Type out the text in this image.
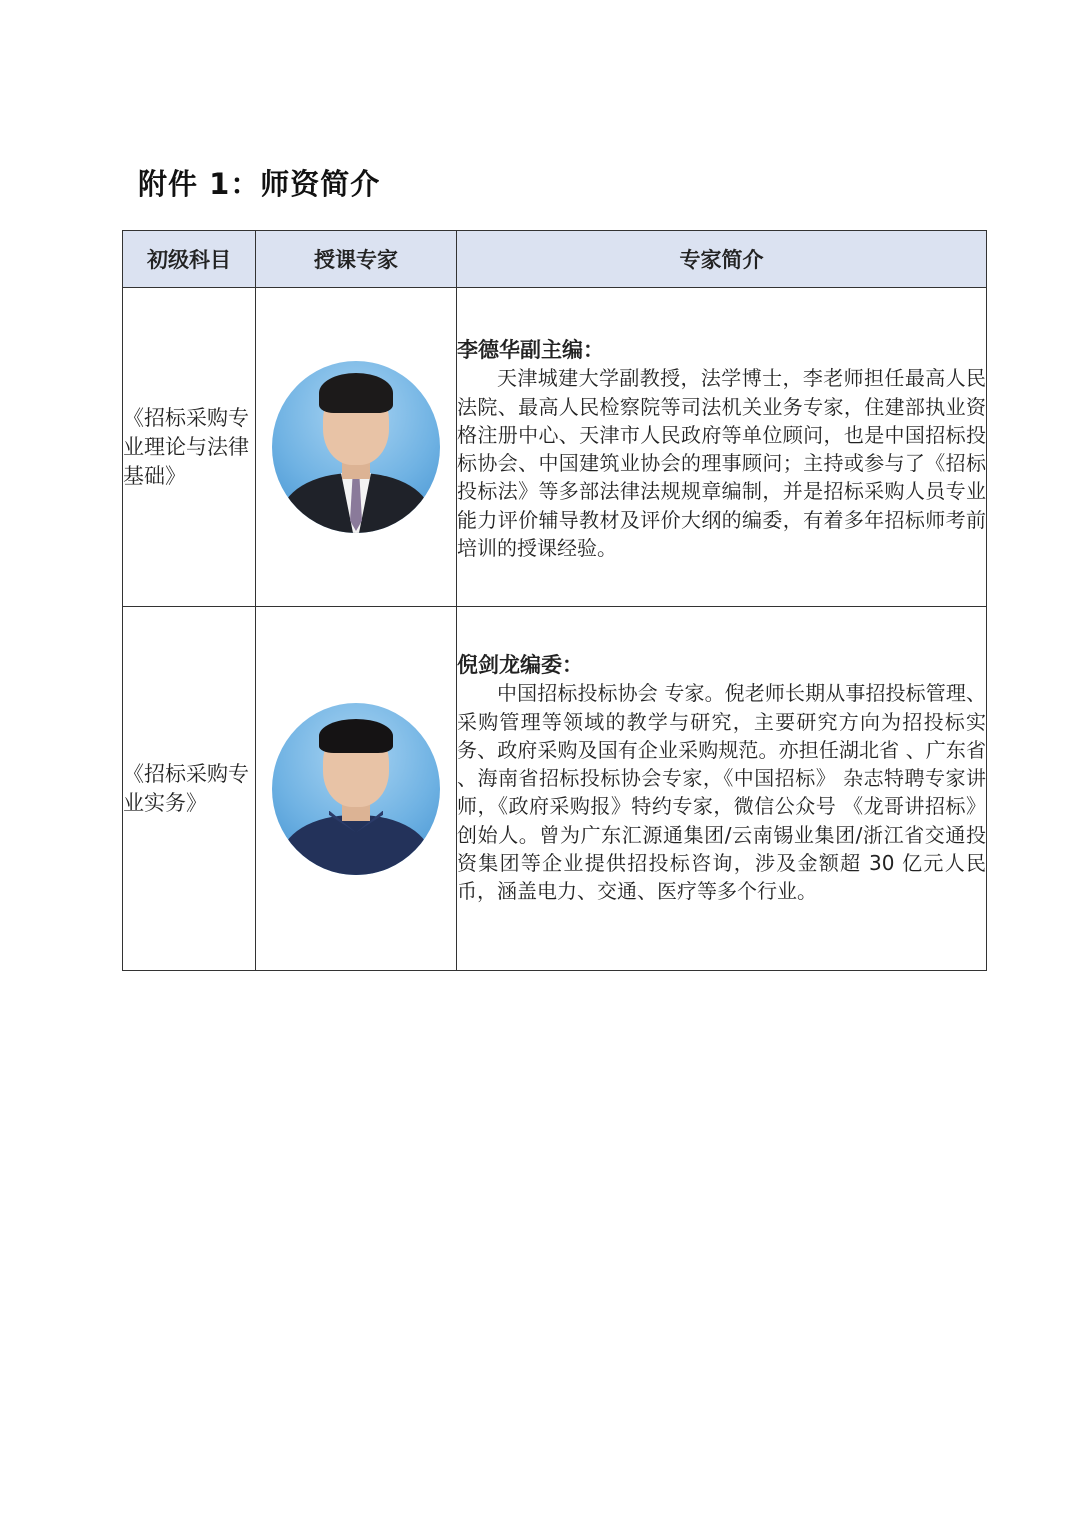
附件 1：师资简介
初级科目	授课专家	专家简介
《招标采购专业理论与法律基础》		李德华副主编：
天津城建大学副教授，法学博士，李老师担任最高人民法院、最高人民检察院等司法机关业务专家，住建部执业资格注册中心、天津市人民政府等单位顾问，也是中国招标投标协会、中国建筑业协会的理事顾问；主持或参与了《招标投标法》等多部法律法规规章编制，并是招标采购人员专业能力评价辅导教材及评价大纲的编委，有着多年招标师考前培训的授课经验。

《招标采购专业实务》		倪剑龙编委：
中国招标投标协会 专家。倪老师长期从事招投标管理、采购管理等领域的教学与研究，主要研究方向为招投标实务、政府采购及国有企业采购规范。亦担任湖北省 、广东省 、海南省招标投标协会专家，《中国招标》 杂志特聘专家讲师，《政府采购报》特约专家，微信公众号 《龙哥讲招标》 创始人。曾为广东汇源通集团/云南锡业集团/浙江省交通投资集团等企业提供招投标咨询，涉及金额超 30 亿元人民币，涵盖电力、交通、医疗等多个行业。
